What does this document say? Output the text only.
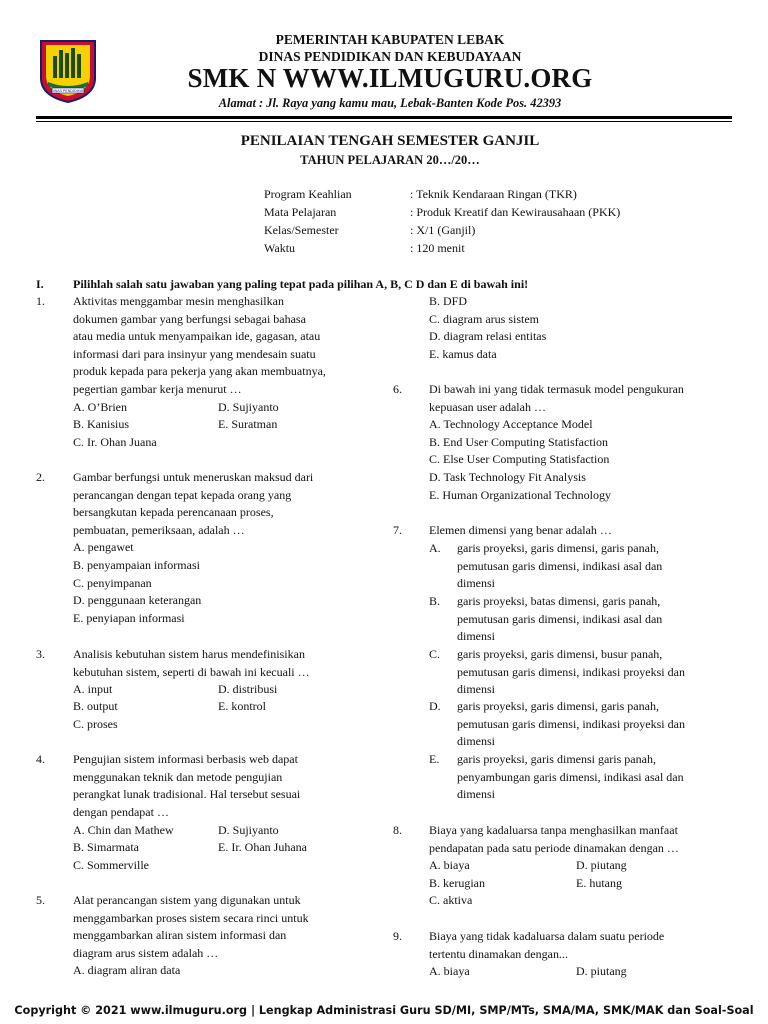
DINAS PENDIDIKAN
PEMERINTAH KABUPATEN LEBAK
DINAS PENDIDIKAN DAN KEBUDAYAAN
SMK N WWW.ILMUGURU.ORG
Alamat : Jl. Raya yang kamu mau, Lebak-Banten Kode Pos. 42393
PENILAIAN TENGAH SEMESTER GANJIL
TAHUN PELAJARAN 20…/20…
Program Keahlian	: Teknik Kendaraan Ringan (TKR)
Mata Pelajaran	: Produk Kreatif dan Kewirausahaan (PKK)
Kelas/Semester	: X/1 (Ganjil)
Waktu	: 120 menit
I. Pilihlah salah satu jawaban yang paling tepat pada pilihan A, B, C D dan E di bawah ini!
1. Aktivitas menggambar mesin menghasilkan
dokumen gambar yang berfungsi sebagai bahasa
atau media untuk menyampaikan ide, gagasan, atau
informasi dari para insinyur yang mendesain suatu
produk kepada para pekerja yang akan membuatnya,
pegertian gambar kerja menurut …
A. O’Brien	D. Sujiyanto
B. Kanisius	E. Suratman
C. Ir. Ohan Juana
2. Gambar berfungsi untuk meneruskan maksud dari
perancangan dengan tepat kepada orang yang
bersangkutan kepada perencanaan proses,
pembuatan, pemeriksaan, adalah …
A. pengawet
B. penyampaian informasi
C. penyimpanan
D. penggunaan keterangan
E. penyiapan informasi
3. Analisis kebutuhan sistem harus mendefinisikan
kebutuhan sistem, seperti di bawah ini kecuali …
A. input	D. distribusi
B. output	E. kontrol
C. proses
4. Pengujian sistem informasi berbasis web dapat
menggunakan teknik dan metode pengujian
perangkat lunak tradisional. Hal tersebut sesuai
dengan pendapat …
A. Chin dan Mathew	D. Sujiyanto
B. Simarmata	E. Ir. Ohan Juhana
C. Sommerville
5. Alat perancangan sistem yang digunakan untuk
menggambarkan proses sistem secara rinci untuk
menggambarkan aliran sistem informasi dan
diagram arus sistem adalah …
A. diagram aliran data
B. DFD
C. diagram arus sistem
D. diagram relasi entitas
E. kamus data
6. Di bawah ini yang tidak termasuk model pengukuran
kepuasan user adalah …
A. Technology Acceptance Model
B. End User Computing Statisfaction
C. Else User Computing Statisfaction
D. Task Technology Fit Analysis
E. Human Organizational Technology
7. Elemen dimensi yang benar adalah …
A. garis proyeksi, garis dimensi, garis panah,
pemutusan garis dimensi, indikasi asal dan
dimensi
B. garis proyeksi, batas dimensi, garis panah,
pemutusan garis dimensi, indikasi asal dan
dimensi
C. garis proyeksi, garis dimensi, busur panah,
pemutusan garis dimensi, indikasi proyeksi dan
dimensi
D. garis proyeksi, garis dimensi, garis panah,
pemutusan garis dimensi, indikasi proyeksi dan
dimensi
E. garis proyeksi, garis dimensi garis panah,
penyambungan garis dimensi, indikasi asal dan
dimensi
8. Biaya yang kadaluarsa tanpa menghasilkan manfaat
pendapatan pada satu periode dinamakan dengan …
A. biaya	D. piutang
B. kerugian	E. hutang
C. aktiva
9. Biaya yang tidak kadaluarsa dalam suatu periode
tertentu dinamakan dengan...
A. biaya	D. piutang
Copyright © 2021 www.ilmuguru.org | Lengkap Administrasi Guru SD/MI, SMP/MTs, SMA/MA, SMK/MAK dan Soal-Soal
